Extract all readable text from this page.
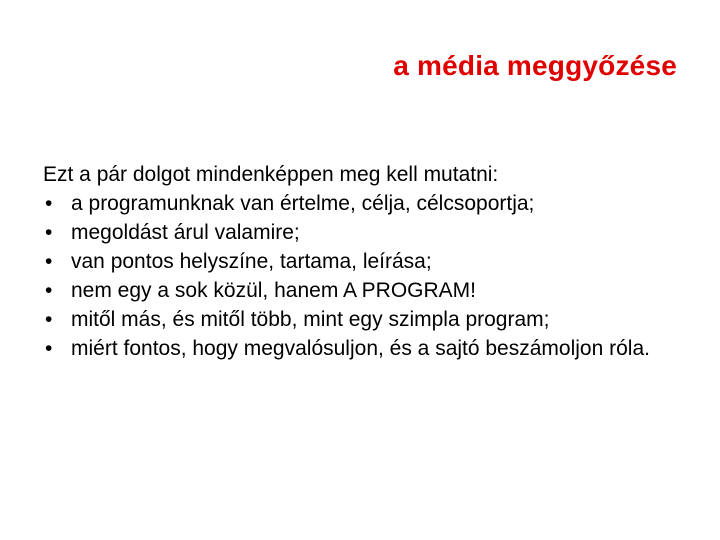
a média meggyőzése

Ezt a pár dolgot mindenképpen meg kell mutatni:

• a programunknak van értelme, célja, célcsoportja;
• megoldást árul valamire;
• van pontos helyszíne, tartama, leírása;
• nem egy a sok közül, hanem A PROGRAM!
• mitől más, és mitől több, mint egy szimpla program;
• miért fontos, hogy megvalósuljon, és a sajtó beszámoljon róla.
